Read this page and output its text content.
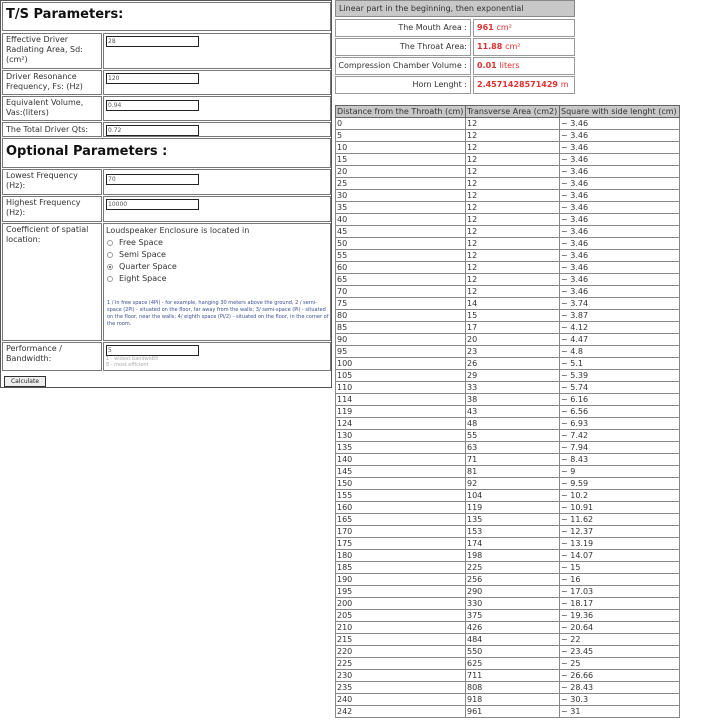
T/S Parameters:
Effective Driver Radiating Area, Sd: (cm²)
28
Driver Resonance Frequency, Fs: (Hz)
120
Equivalent Volume, Vas:(liters)
0.94
The Total Driver Qts:	0.72
Optional Parameters :
Lowest Frequency (Hz):
70
Highest Frequency (Hz):
10000
Coefficient of spatial location:
Loudspeaker Enclosure is located in
Free Space
Semi Space
Quarter Space
Eight Space
1 / in free space (4Pi) - for example, hanging 30 meters above the ground, 2 / semi-space (2Pi) - situated on the floor, far away from the walls; 3/ semi-space (Pi) - situated on the floor, near the walls; 4/ eighth space (Pi/2) - situated on the floor, in the corner of the room.
Performance / Bandwidth:
5
1 - widest bandwidth
8 - most efficient
Calculate
Linear part in the beginning, then exponential
The Mouth Area :	961 cm²
The Throat Area:	11.88 cm²
Compression Chamber Volume :	0.01 liters
Horn Lenght :	2.4571428571429 m
Distance from the Throath (cm)	Transverse Area (cm2)	Square with side lenght (cm)
0	12	~ 3.46
5	12	~ 3.46
10	12	~ 3.46
15	12	~ 3.46
20	12	~ 3.46
25	12	~ 3.46
30	12	~ 3.46
35	12	~ 3.46
40	12	~ 3.46
45	12	~ 3.46
50	12	~ 3.46
55	12	~ 3.46
60	12	~ 3.46
65	12	~ 3.46
70	12	~ 3.46
75	14	~ 3.74
80	15	~ 3.87
85	17	~ 4.12
90	20	~ 4.47
95	23	~ 4.8
100	26	~ 5.1
105	29	~ 5.39
110	33	~ 5.74
114	38	~ 6.16
119	43	~ 6.56
124	48	~ 6.93
130	55	~ 7.42
135	63	~ 7.94
140	71	~ 8.43
145	81	~ 9
150	92	~ 9.59
155	104	~ 10.2
160	119	~ 10.91
165	135	~ 11.62
170	153	~ 12.37
175	174	~ 13.19
180	198	~ 14.07
185	225	~ 15
190	256	~ 16
195	290	~ 17.03
200	330	~ 18.17
205	375	~ 19.36
210	426	~ 20.64
215	484	~ 22
220	550	~ 23.45
225	625	~ 25
230	711	~ 26.66
235	808	~ 28.43
240	918	~ 30.3
242	961	~ 31
